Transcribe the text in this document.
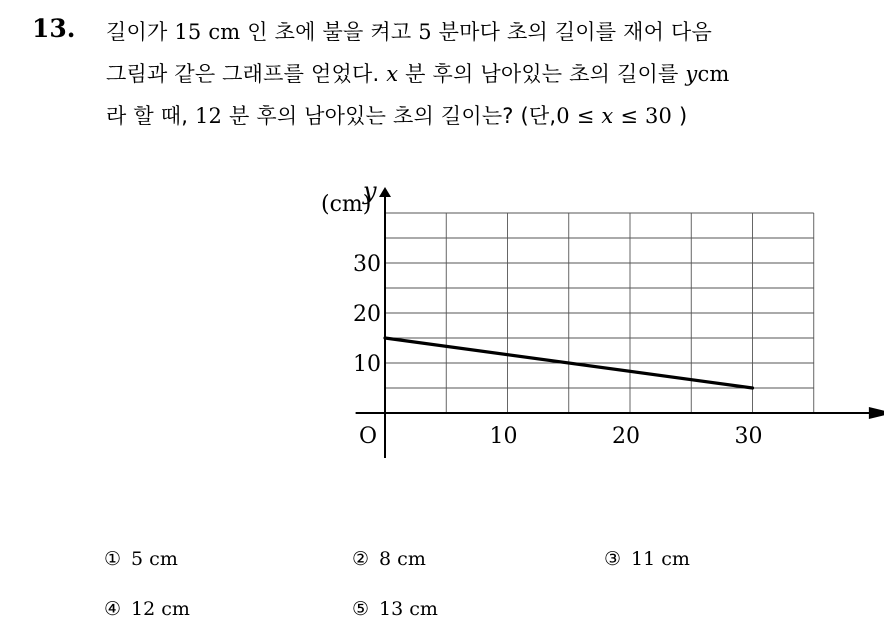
13. 길이가 15 cm 인 초에 불을 켜고 5 분마다 초의 길이를 재어 다음
그림과 같은 그래프를 얻었다. x 분 후의 남아있는 초의 길이를 ycm
라 할 때, 12 분 후의 남아있는 초의 길이는? (단,0 ≤ x ≤ 30 )
10	20	30
10
20
30
O
y
(cm)
① 5 cm	② 8 cm	③ 11 cm
④ 12 cm	⑤ 13 cm
